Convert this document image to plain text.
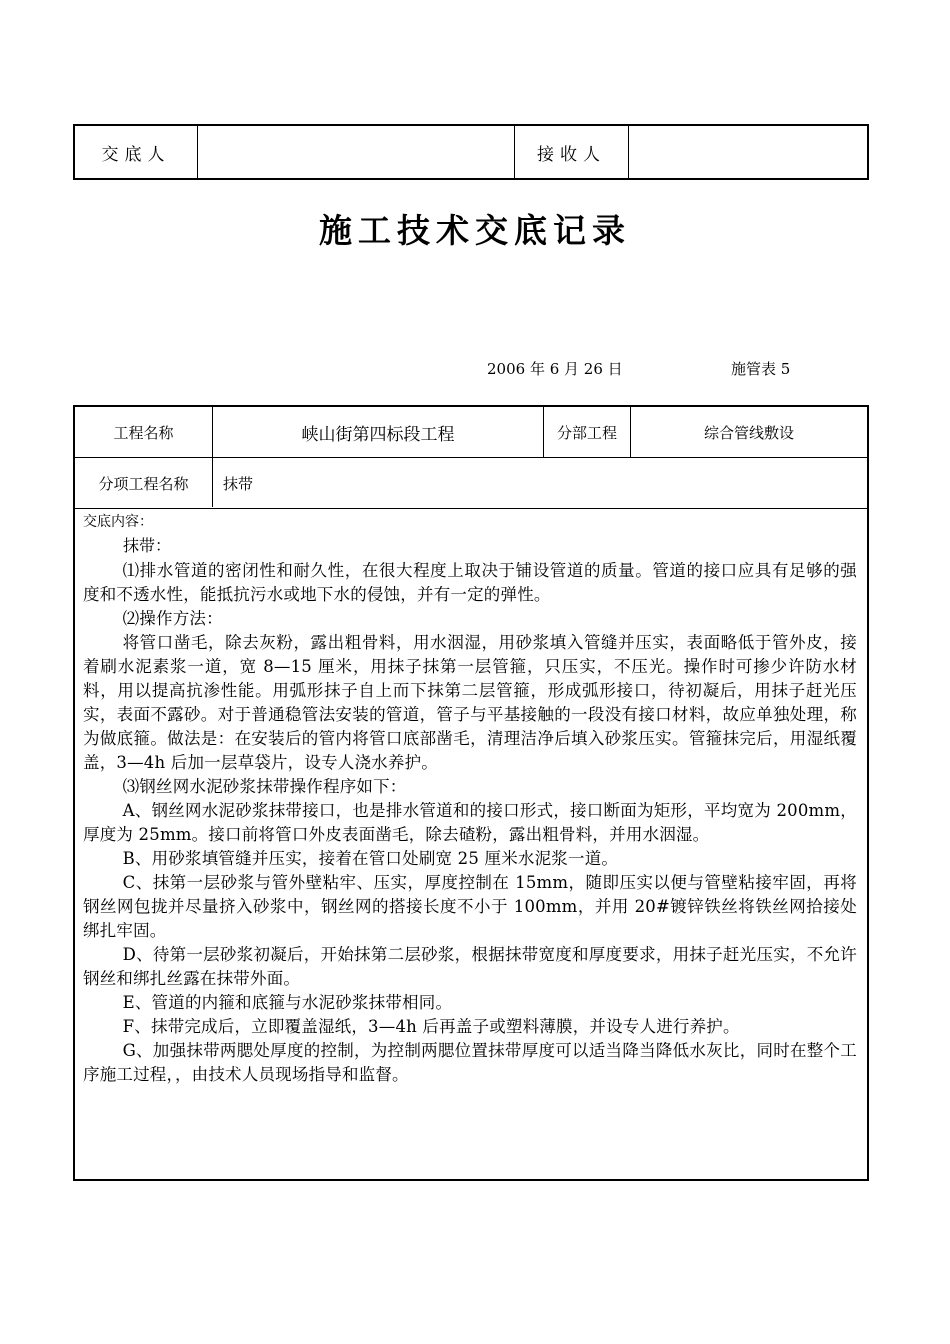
交底人	接收人
施工技术交底记录
2006 年 6 月 26 日	施管表 5
工程名称	峡山街第四标段工程	分部工程	综合管线敷设
分项工程名称	抹带
交底内容：
抹带：

⑴排水管道的密闭性和耐久性，在很大程度上取决于铺设管道的质量。管道的接口应具有足够的强度和不透水性，能抵抗污水或地下水的侵蚀，并有一定的弹性。

⑵操作方法：

将管口凿毛，除去灰粉，露出粗骨料，用水洇湿，用砂浆填入管缝并压实，表面略低于管外皮，接着刷水泥素浆一道，宽 8—15 厘米，用抹子抹第一层管箍，只压实，不压光。操作时可掺少许防水材料，用以提高抗渗性能。用弧形抹子自上而下抹第二层管箍，形成弧形接口，待初凝后，用抹子赶光压实，表面不露砂。对于普通稳管法安装的管道，管子与平基接触的一段没有接口材料，故应单独处理，称为做底箍。做法是：在安装后的管内将管口底部凿毛，清理洁净后填入砂浆压实。管箍抹完后，用湿纸覆盖，3—4h 后加一层草袋片，设专人浇水养护。

⑶钢丝网水泥砂浆抹带操作程序如下：

A、钢丝网水泥砂浆抹带接口，也是排水管道和的接口形式，接口断面为矩形，平均宽为 200mm，厚度为 25mm。接口前将管口外皮表面凿毛，除去碴粉，露出粗骨料，并用水洇湿。

B、用砂浆填管缝并压实，接着在管口处刷宽 25 厘米水泥浆一道。

C、抹第一层砂浆与管外壁粘牢、压实，厚度控制在 15mm，随即压实以便与管壁粘接牢固，再将钢丝网包拢并尽量挤入砂浆中，钢丝网的搭接长度不小于 100mm，并用 20#镀锌铁丝将铁丝网拾接处绑扎牢固。

D、待第一层砂浆初凝后，开始抹第二层砂浆，根据抹带宽度和厚度要求，用抹子赶光压实，不允许钢丝和绑扎丝露在抹带外面。

E、管道的内箍和底箍与水泥砂浆抹带相同。

F、抹带完成后，立即覆盖湿纸，3—4h 后再盖子或塑料薄膜，并设专人进行养护。

G、加强抹带两腮处厚度的控制，为控制两腮位置抹带厚度可以适当降当降低水灰比，同时在整个工序施工过程，，由技术人员现场指导和监督。
